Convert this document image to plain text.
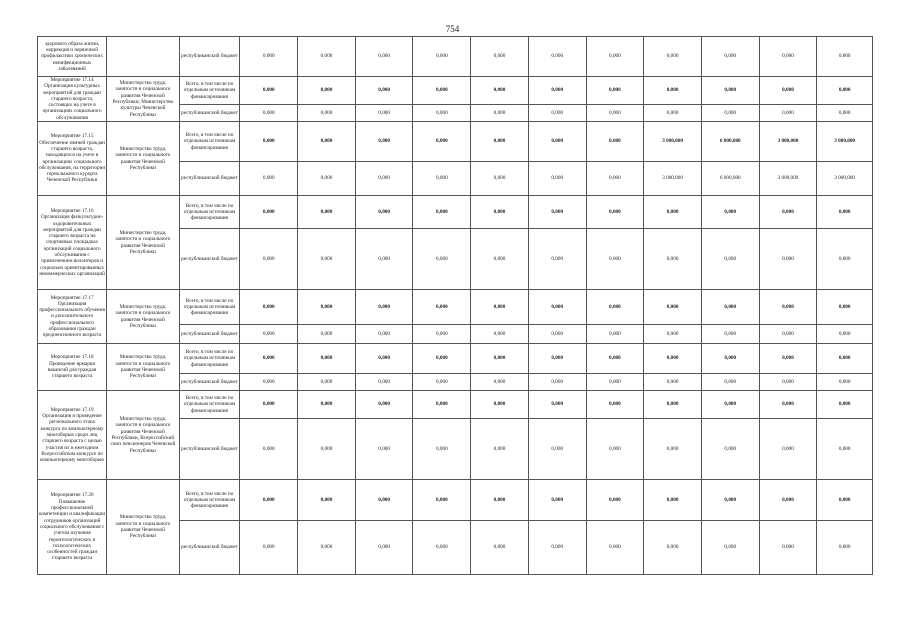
754
здорового образа жизни, коррекция и первичной профилактики хронических неинфекционных заболеваний		республиканский бюджет	0,000	0,000	0,000	0,000	0,000	0,000	0,000	0,000	0,000	0,000	0,000
Мероприятие 17.14 Организация культурных мероприятий для граждан старшего возраста, состоящих на учете в организациях социального обслуживания	Министерство труда, занятости и социального развития Чеченской Республики; Министерство культуры Чеченской Республики	Всего, в том числе по отдельным источникам финансирования	0,000	0,000	0,000	0,000	0,000	0,000	0,000	0,000	0,000	0,000	0,000
		республиканский бюджет	0,000	0,000	0,000	0,000	0,000	0,000	0,000	0,000	0,000	0,000	0,000
Мероприятие 17.15 Обеспечение зимней граждан старшего возраста, находящихся на учете в организациях социального обслуживания, на территории горнолыжного курорта Чеченской Республики	Министерство труда, занятости и социального развития Чеченской Республики	Всего, в том числе по отдельным источникам финансирования	0,000	0,000	0,000	0,000	0,000	0,000	0,000	3 000,000	6 000,000	3 000,000	3 000,000
		республиканский бюджет	0,000	0,000	0,000	0,000	0,000	0,000	0,000	3 000,000	6 000,000	3 000,000	3 000,000
Мероприятие 17.16 Организация физкультурно-оздоровительных мероприятий для граждан старшего возраста на спортивных площадках организаций социального обслуживания с привлечением волонтеров и социально ориентированных некоммерческих организаций	Министерство труда, занятости и социального развития Чеченской Республики	Всего, в том числе по отдельным источникам финансирования	0,000	0,000	0,000	0,000	0,000	0,000	0,000	0,000	0,000	0,000	0,000
		республиканский бюджет	0,000	0,000	0,000	0,000	0,000	0,000	0,000	0,000	0,000	0,000	0,000
Мероприятие 17.17 Организация профессионального обучения и дополнительного профессионального образования граждан предпенсионного возраста	Министерство труда, занятости и социального развития Чеченской Республики	Всего, в том числе по отдельным источникам финансирования	0,000	0,000	0,000	0,000	0,000	0,000	0,000	0,000	0,000	0,000	0,000
		республиканский бюджет	0,000	0,000	0,000	0,000	0,000	0,000	0,000	0,000	0,000	0,000	0,000
Мероприятие 17.18 Проведение ярмарки вакансий для граждан старшего возраста	Министерство труда, занятости и социального развития Чеченской Республики	Всего, в том числе по отдельным источникам финансирования	0,000	0,000	0,000	0,000	0,000	0,000	0,000	0,000	0,000	0,000	0,000
		республиканский бюджет	0,000	0,000	0,000	0,000	0,000	0,000	0,000	0,000	0,000	0,000	0,000
Мероприятие 17.19 Организация и проведение регионального этапа конкурса по компьютерному многоборью среди лиц старшего возраста с целью участия их в ежегодном Всероссийском конкурсе по компьютерному многоборью	Министерство труда, занятости и социального развития Чеченской Республики, Всероссийский союз пенсионеров Чеченской Республики	Всего, в том числе по отдельным источникам финансирования	0,000	0,000	0,000	0,000	0,000	0,000	0,000	0,000	0,000	0,000	0,000
		республиканский бюджет	0,000	0,000	0,000	0,000	0,000	0,000	0,000	0,000	0,000	0,000	0,000
Мероприятие 17.20 Повышение профессиональной компетенции и квалификации сотрудников организаций социального обслуживания с учетом изучения геронтологических и психологических особенностей граждан старшего возраста	Министерство труда, занятости и социального развития Чеченской Республики	Всего, в том числе по отдельным источникам финансирования	0,000	0,000	0,000	0,000	0,000	0,000	0,000	0,000	0,000	0,000	0,000
		республиканский бюджет	0,000	0,000	0,000	0,000	0,000	0,000	0,000	0,000	0,000	0,000	0,000
